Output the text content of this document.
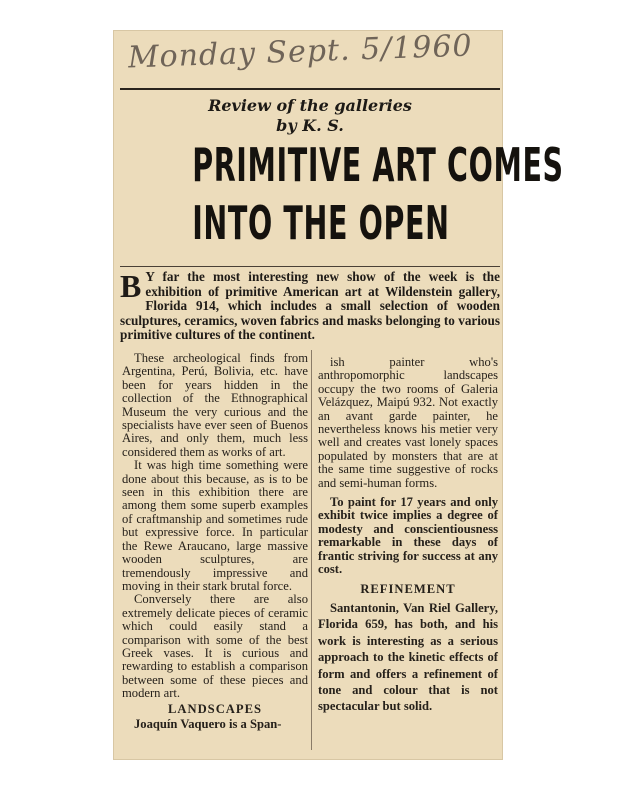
Monday Sept. 5/1960
Review of the galleries
by K. S.
PRIMITIVE ART COMES
INTO THE OPEN
B Y far the most interesting new show of the week is the exhibition of primitive American art at Wildenstein gallery, Florida 914, which includes a small selection of wooden sculptures, ceramics, woven fabrics and masks belonging to various primitive cultures of the continent.

These archeological finds from Argentina, Perú, Bolivia, etc. have been for years hidden in the collection of the Ethnographical Museum the very curious and the specialists have ever seen of Buenos Aires, and only them, much less considered them as works of art.

It was high time something were done about this because, as is to be seen in this exhibition there are among them some superb examples of craftmanship and sometimes rude but expressive force. In particular the Rewe Araucano, large massive wooden sculptures, are tremendously impressive and moving in their stark brutal force.

Conversely there are also extremely delicate pieces of ceramic which could easily stand a comparison with some of the best Greek vases. It is curious and rewarding to establish a comparison between some of these pieces and modern art.

LANDSCAPES

Joaquín Vaquero is a Span-

ish painter who's anthropomorphic landscapes occupy the two rooms of Galeria Velázquez, Maipú 932. Not exactly an avant garde painter, he nevertheless knows his metier very well and creates vast lonely spaces populated by monsters that are at the same time suggestive of rocks and semi-human forms.

To paint for 17 years and only exhibit twice implies a degree of modesty and conscientiousness remarkable in these days of frantic striving for success at any cost.

REFINEMENT

Santantonin, Van Riel Gallery, Florida 659, has both, and his work is interesting as a serious approach to the kinetic effects of form and offers a refinement of tone and colour that is not spectacular but solid.
